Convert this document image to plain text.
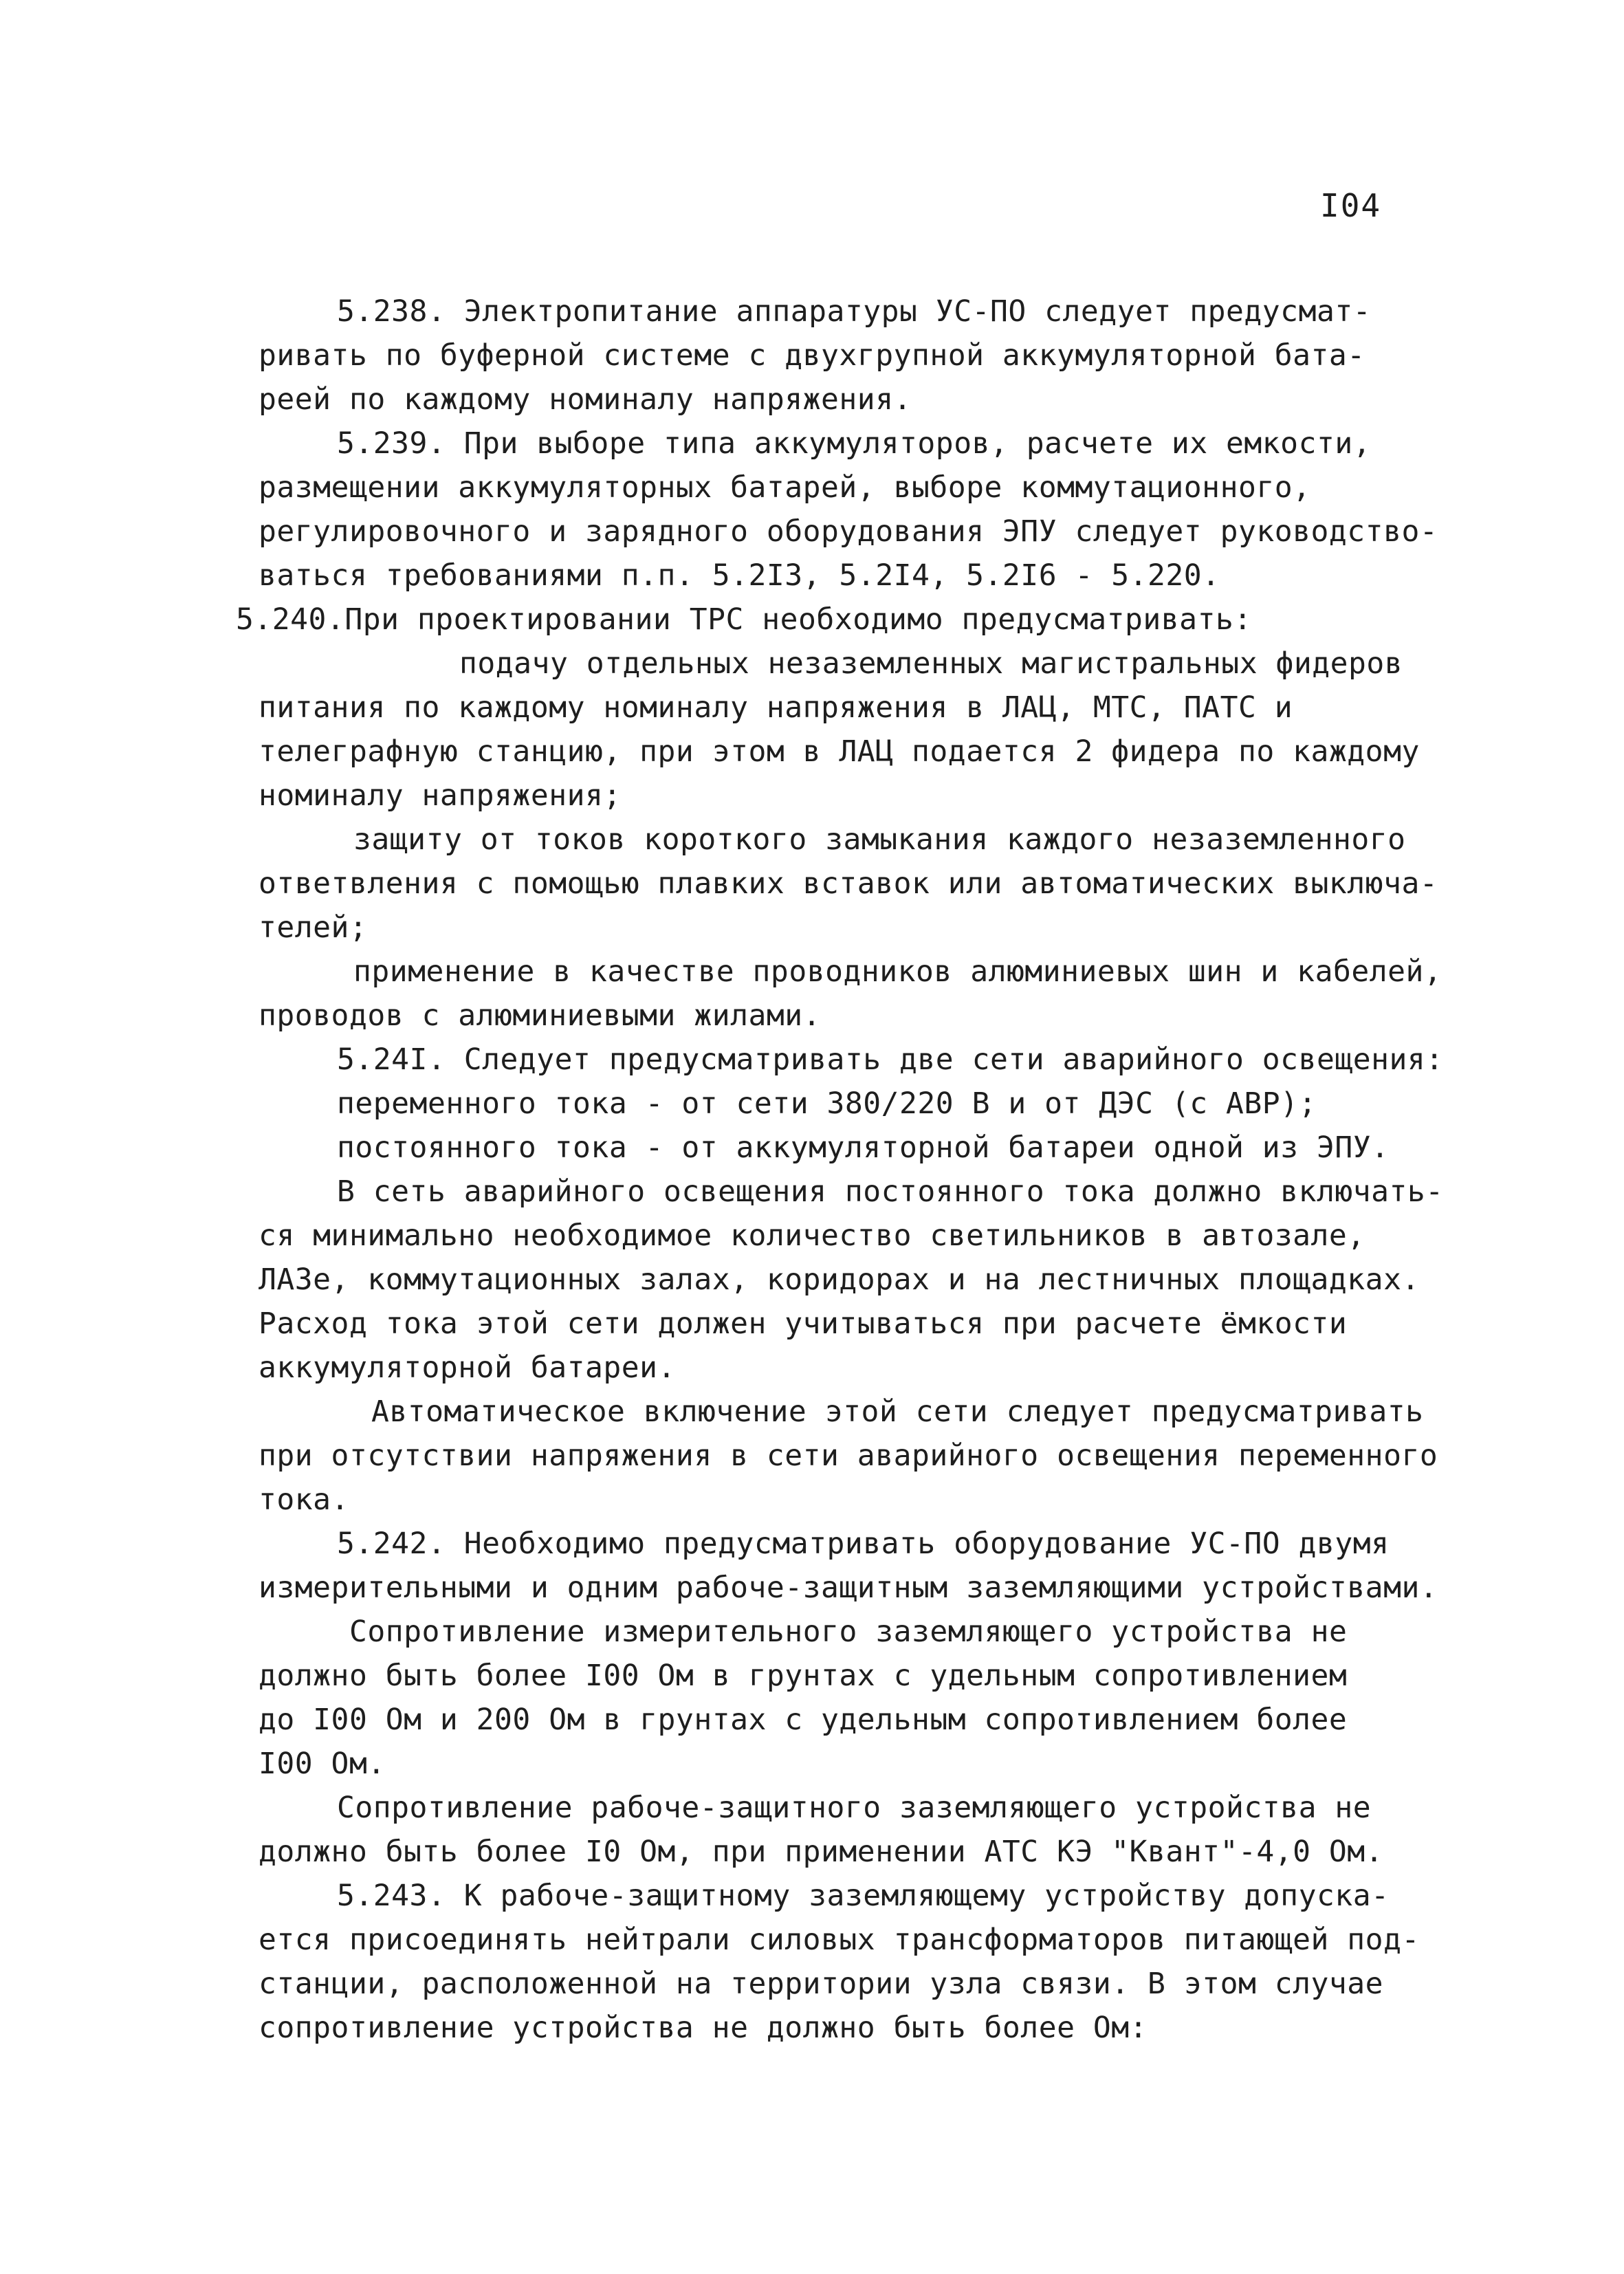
I04
5.238. Электропитание аппаратуры УС-ПО следует предусмат-
ривать по буферной системе с двухгрупной аккумуляторной бата-
реей по каждому номиналу напряжения.
5.239. При выборе типа аккумуляторов, расчете их емкости,
размещении аккумуляторных батарей, выборе коммутационного,
регулировочного и зарядного оборудования ЭПУ следует руководство-
ваться требованиями п.п. 5.2I3, 5.2I4, 5.2I6 - 5.220.
5.240.При проектировании ТРС необходимо предусматривать:
подачу отдельных незаземленных магистральных фидеров
питания по каждому номиналу напряжения в ЛАЦ, МТС, ПАТС и
телеграфную станцию, при этом в ЛАЦ подается 2 фидера по каждому
номиналу напряжения;
защиту от токов короткого замыкания каждого незаземленного
ответвления с помощью плавких вставок или автоматических выключа-
телей;
применение в качестве проводников алюминиевых шин и кабелей,
проводов с алюминиевыми жилами.
5.24I. Следует предусматривать две сети аварийного освещения:
переменного тока - от сети 380/220 В и от ДЭС (с АВР);
постоянного тока - от аккумуляторной батареи одной из ЭПУ.
В сеть аварийного освещения постоянного тока должно включать-
ся минимально необходимое количество светильников в автозале,
ЛАЗе, коммутационных залах, коридорах и на лестничных площадках.
Расход тока этой сети должен учитываться при расчете ёмкости
аккумуляторной батареи.
Автоматическое включение этой сети следует предусматривать
при отсутствии напряжения в сети аварийного освещения переменного
тока.
5.242. Необходимо предусматривать оборудование УС-ПО двумя
измерительными и одним рабоче-защитным заземляющими устройствами.
Сопротивление измерительного заземляющего устройства не
должно быть более I00 Ом в грунтах с удельным сопротивлением
до I00 Ом и 200 Ом в грунтах с удельным сопротивлением более
I00 Ом.
Сопротивление рабоче-защитного заземляющего устройства не
должно быть более I0 Ом, при применении АТС КЭ "Квант"-4,0 Ом.
5.243. К рабоче-защитному заземляющему устройству допуска-
ется присоединять нейтрали силовых трансформаторов питающей под-
станции, расположенной на территории узла связи. В этом случае
сопротивление устройства не должно быть более Ом:
